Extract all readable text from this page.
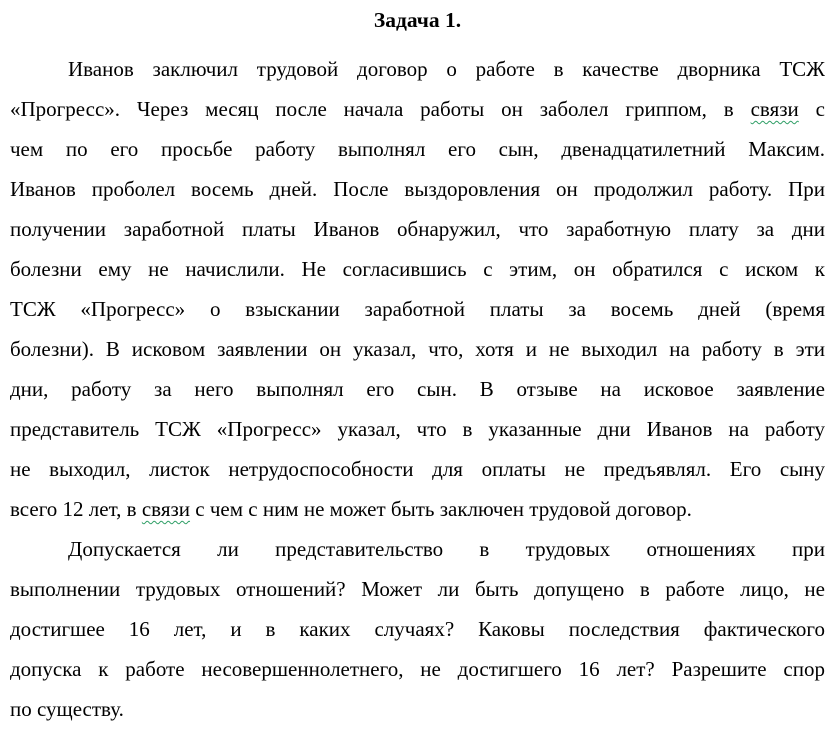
Задача 1.
Иванов заключил трудовой договор о работе в качестве дворника ТСЖ
«Прогресс». Через месяц после начала работы он заболел гриппом, в связи с
чем по его просьбе работу выполнял его сын, двенадцатилетний Максим.
Иванов проболел восемь дней. После выздоровления он продолжил работу. При
получении заработной платы Иванов обнаружил, что заработную плату за дни
болезни ему не начислили. Не согласившись с этим, он обратился с иском к
ТСЖ «Прогресс» о взыскании заработной платы за восемь дней (время
болезни). В исковом заявлении он указал, что, хотя и не выходил на работу в эти
дни, работу за него выполнял его сын. В отзыве на исковое заявление
представитель ТСЖ «Прогресс» указал, что в указанные дни Иванов на работу
не выходил, листок нетрудоспособности для оплаты не предъявлял. Его сыну
всего 12 лет, в связи с чем с ним не может быть заключен трудовой договор.
Допускается ли представительство в трудовых отношениях при
выполнении трудовых отношений? Может ли быть допущено в работе лицо, не
достигшее 16 лет, и в каких случаях? Каковы последствия фактического
допуска к работе несовершеннолетнего, не достигшего 16 лет? Разрешите спор
по существу.
